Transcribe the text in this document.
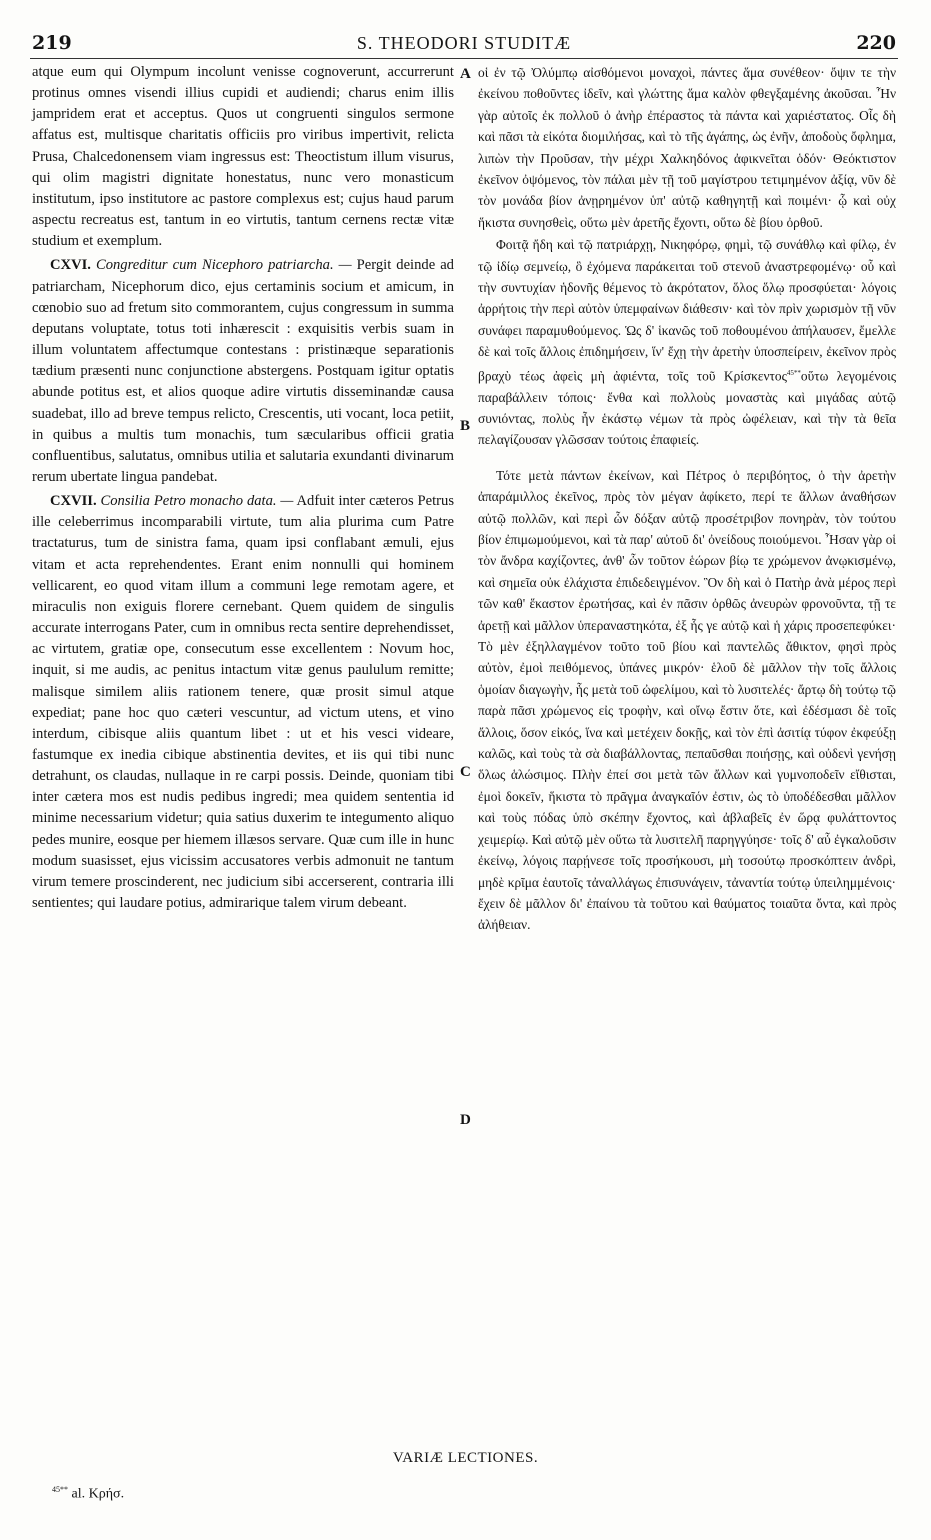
219	S. THEODORI STUDITÆ	220

atque eum qui Olympum incolunt venisse cognoverunt, accurrerunt protinus omnes visendi illius cupidi et audiendi; charus enim illis jampridem erat et acceptus. Quos ut congruenti singulos sermone affatus est, multisque charitatis officiis pro viribus impertivit, relicta Prusa, Chalcedonensem viam ingressus est: Theoctistum illum visurus, qui olim magistri dignitate honestatus, nunc vero monasticum institutum, ipso institutore ac pastore complexus est; cujus haud parum aspectu recreatus est, tantum in eo virtutis, tantum cernens rectæ vitæ studium et exemplum.

CXVI. Congreditur cum Nicephoro patriarcha. — Pergit deinde ad patriarcham, Nicephorum dico, ejus certaminis socium et amicum, in cœnobio suo ad fretum sito commorantem, cujus congressum in summa deputans voluptate, totus toti inhærescit : exquisitis verbis suam in illum voluntatem affectumque contestans : pristinæque separationis tædium præsenti nunc conjunctione abstergens. Postquam igitur optatis abunde potitus est, et alios quoque adire virtutis disseminandæ causa suadebat, illo ad breve tempus relicto, Crescentis, uti vocant, loca petiit, in quibus a multis tum monachis, tum sæcularibus officii gratia confluentibus, salutatus, omnibus utilia et salutaria exundanti divinarum rerum ubertate lingua pandebat.

CXVII. Consilia Petro monacho data. — Adfuit inter cæteros Petrus ille celeberrimus incomparabili virtute, tum alia plurima cum Patre tractaturus, tum de sinistra fama, quam ipsi conflabant æmuli, ejus vitam et acta reprehendentes. Erant enim nonnulli qui hominem vellicarent, eo quod vitam illum a communi lege remotam agere, et miraculis non exiguis florere cernebant. Quem quidem de singulis accurate interrogans Pater, cum in omnibus recta sentire deprehendisset, ac virtutem, gratiæ ope, consecutum esse excellentem : Novum hoc, inquit, si me audis, ac penitus intactum vitæ genus paululum remitte; malisque similem aliis rationem tenere, quæ prosit simul atque expediat; pane hoc quo cæteri vescuntur, ad victum utens, et vino interdum, cibisque aliis quantum libet : ut et his vesci videare, fastumque ex inedia cibique abstinentia devites, et iis qui tibi nunc detrahunt, os claudas, nullaque in re carpi possis. Deinde, quoniam tibi inter cætera mos est nudis pedibus ingredi; mea quidem sententia id minime necessarium videtur; quia satius duxerim te integumento aliquo pedes munire, eosque per hiemem illæsos servare. Quæ cum ille in hunc modum suasisset, ejus vicissim accusatores verbis admonuit ne tantum virum temere proscinderent, nec judicium sibi accerserent, contraria illi sentientes; qui laudare potius, admirarique talem virum debeant.

A
B
C
D

οἱ ἐν τῷ Ὀλύμπῳ αἰσθόμενοι μοναχοὶ, πάντες ἅμα συνέθεον· ὄψιν τε τὴν ἐκείνου ποθοῦντες ἰδεῖν, καὶ γλώττης ἅμα καλὸν φθεγξαμένης ἀκοῦσαι. Ἦν γὰρ αὐτοῖς ἐκ πολλοῦ ὁ ἀνὴρ ἐπέραστος τὰ πάντα καὶ χαριέστατος. Οἷς δὴ καὶ πᾶσι τὰ εἰκότα διομιλήσας, καὶ τὸ τῆς ἀγάπης, ὡς ἐνῆν, ἀποδοὺς ὄφλημα, λιπὼν τὴν Προῦσαν, τὴν μέχρι Χαλκηδόνος ἀφικνεῖται ὁδόν· Θεόκτιστον ἐκεῖνον ὀψόμενος, τὸν πάλαι μὲν τῇ τοῦ μαγίστρου τετιμημένον ἀξίᾳ, νῦν δὲ τὸν μονάδα βίον ἀνῃρημένον ὑπ' αὐτῷ καθηγητῇ καὶ ποιμένι· ᾧ καὶ οὐχ ἥκιστα συνησθεὶς, οὕτω μὲν ἀρετῆς ἔχοντι, οὕτω δὲ βίου ὀρθοῦ.

Φοιτᾷ ἤδη καὶ τῷ πατριάρχῃ, Νικηφόρῳ, φημὶ, τῷ συνάθλῳ καὶ φίλῳ, ἐν τῷ ἰδίῳ σεμνείῳ, ὃ ἐχόμενα παράκειται τοῦ στενοῦ ἀναστρεφομένῳ· οὗ καὶ τὴν συντυχίαν ἡδονῆς θέμενος τὸ ἀκρότατον, ὅλος ὅλῳ προσφύεται· λόγοις ἀρρήτοις τὴν περὶ αὐτὸν ὑπεμφαίνων διάθεσιν· καὶ τὸν πρὶν χωρισμὸν τῇ νῦν συνάφει παραμυθούμενος. Ὡς δ' ἱκανῶς τοῦ ποθουμένου ἀπήλαυσεν, ἔμελλε δὲ καὶ τοῖς ἄλλοις ἐπιδημήσειν, ἵν' ἔχῃ τὴν ἀρετὴν ὑποσπείρειν, ἐκεῖνον πρὸς βραχὺ τέως ἀφεὶς μὴ ἀφιέντα, τοῖς τοῦ Κρίσκεντος$^{45**}$οὕτω λεγομένοις παραβάλλειν τόποις· ἔνθα καὶ πολλοὺς μοναστὰς καὶ μιγάδας αὐτῷ συνιόντας, πολὺς ἦν ἑκάστῳ νέμων τὰ πρὸς ὠφέλειαν, καὶ τὴν τὰ θεῖα πελαγίζουσαν γλῶσσαν τούτοις ἐπαφιείς.

Τότε μετὰ πάντων ἐκείνων, καὶ Πέτρος ὁ περιβόητος, ὁ τὴν ἀρετὴν ἀπαράμιλλος ἐκεῖνος, πρὸς τὸν μέγαν ἀφίκετο, περί τε ἄλλων ἀναθήσων αὐτῷ πολλῶν, καὶ περὶ ὧν δόξαν αὐτῷ προσέτριβον πονηρὰν, τὸν τούτου βίον ἐπιμωμούμενοι, καὶ τὰ παρ' αὐτοῦ δι' ὀνείδους ποιούμενοι. Ἦσαν γὰρ οἱ τὸν ἄνδρα καχίζοντες, ἀνθ' ὧν τοῦτον ἑώρων βίῳ τε χρώμενον ἀνῳκισμένῳ, καὶ σημεῖα οὐκ ἐλάχιστα ἐπιδεδειγμένον. Ὃν δὴ καὶ ὁ Πατὴρ ἀνὰ μέρος περὶ τῶν καθ' ἕκαστον ἐρωτήσας, καὶ ἐν πᾶσιν ὀρθῶς ἀνευρὼν φρονοῦντα, τῇ τε ἀρετῇ καὶ μᾶλλον ὑπεραναστηκότα, ἐξ ἧς γε αὐτῷ καὶ ἡ χάρις προσεπεφύκει· Τὸ μὲν ἐξηλλαγμένον τοῦτο τοῦ βίου καὶ παντελῶς ἄθικτον, φησὶ πρὸς αὐτὸν, ἐμοὶ πειθόμενος, ὑπάνες μικρόν· ἑλοῦ δὲ μᾶλλον τὴν τοῖς ἄλλοις ὁμοίαν διαγωγὴν, ἧς μετὰ τοῦ ὠφελίμου, καὶ τὸ λυσιτελές· ἄρτῳ δὴ τούτῳ τῷ παρὰ πᾶσι χρώμενος εἰς τροφὴν, καὶ οἴνῳ ἔστιν ὅτε, καὶ ἐδέσμασι δὲ τοῖς ἄλλοις, ὅσον εἰκός, ἵνα καὶ μετέχειν δοκῇς, καὶ τὸν ἐπὶ ἀσιτίᾳ τύφον ἐκφεύξῃ καλῶς, καὶ τοὺς τὰ σὰ διαβάλλοντας, πεπαῦσθαι ποιήσῃς, καὶ οὐδενὶ γενήσῃ ὅλως ἁλώσιμος. Πλὴν ἐπεί σοι μετὰ τῶν ἄλλων καὶ γυμνοποδεῖν εἴθισται, ἐμοὶ δοκεῖν, ἥκιστα τὸ πρᾶγμα ἀναγκαῖόν ἐστιν, ὡς τὸ ὑποδέδεσθαι μᾶλλον καὶ τοὺς πόδας ὑπὸ σκέπην ἔχοντος, καὶ ἀβλαβεῖς ἐν ὥρᾳ φυλάττοντος χειμερίῳ. Καὶ αὐτῷ μὲν οὕτω τὰ λυσιτελῆ παρηγγύησε· τοῖς δ' αὖ ἐγκαλοῦσιν ἐκείνῳ, λόγοις παρῄνεσε τοῖς προσήκουσι, μὴ τοσούτῳ προσκόπτειν ἀνδρὶ, μηδὲ κρῖμα ἑαυτοῖς τἀναλλάγως ἐπισυνάγειν, τἀναντία τούτῳ ὑπειλημμένοις· ἔχειν δὲ μᾶλλον δι' ἐπαίνου τὰ τοῦτου καὶ θαύματος τοιαῦτα ὄντα, καὶ πρὸς ἀλήθειαν.

VARIÆ LECTIONES.
$^{45**}$ al. Κρήσ.
